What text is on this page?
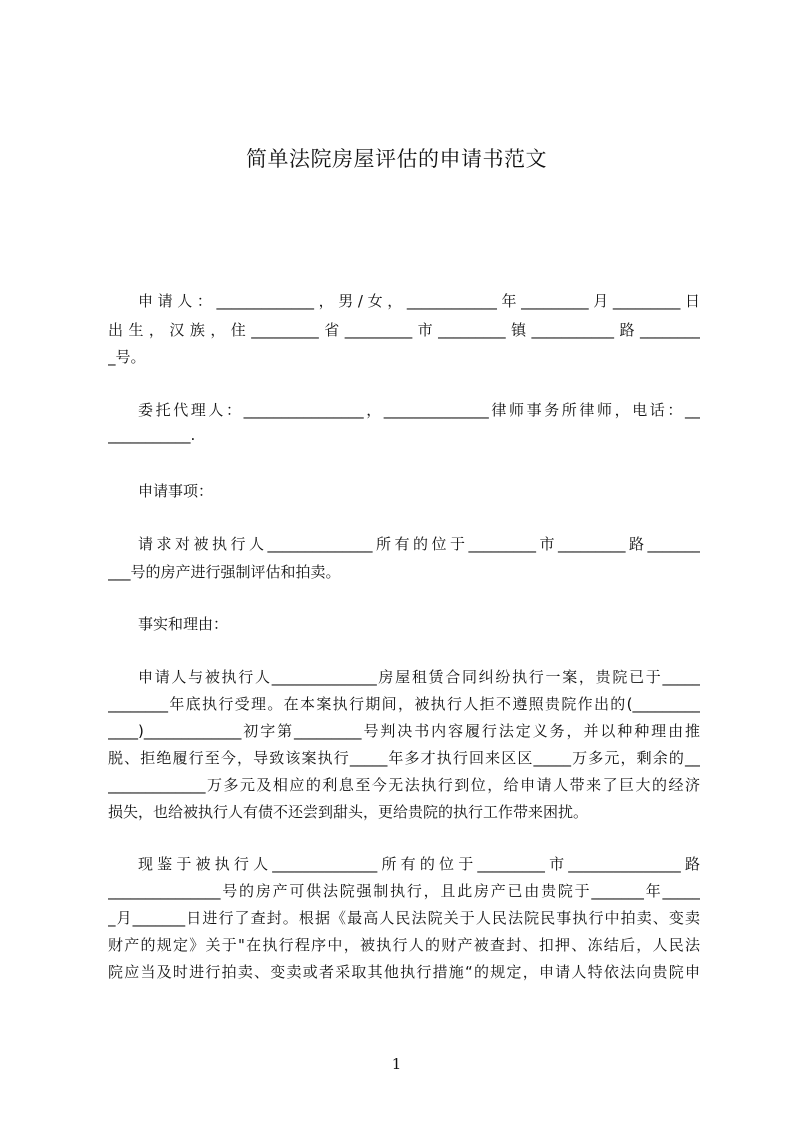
简单法院房屋评估的申请书范文
申请人：_____________，男/女，____________年_________月_________日
出生，汉族，住_________省_________市_________镇___________路________
_号。
委托代理人：________________，______________律师事务所律师，电话：__
___________.
申请事项：
请求对被执行人______________所有的位于_________市_________路_______
___号的房产进行强制评估和拍卖。
事实和理由：
申请人与被执行人______________房屋租赁合同纠纷执行一案，贵院已于_____
________年底执行受理。在本案执行期间，被执行人拒不遵照贵院作出的(_________
____)_____________初字第_________号判决书内容履行法定义务，并以种种理由推
脱、拒绝履行至今，导致该案执行_____年多才执行回来区区_____万多元，剩余的__
_____________万多元及相应的利息至今无法执行到位，给申请人带来了巨大的经济
损失，也给被执行人有债不还尝到甜头，更给贵院的执行工作带来困扰。
现鉴于被执行人______________所有的位于_________市_______________路
_______________号的房产可供法院强制执行，且此房产已由贵院于_______年_____
_月_______日进行了查封。根据《最高人民法院关于人民法院民事执行中拍卖、变卖
财产的规定》关于"在执行程序中，被执行人的财产被查封、扣押、冻结后，人民法
院应当及时进行拍卖、变卖或者采取其他执行措施“的规定，申请人特依法向贵院申
1
